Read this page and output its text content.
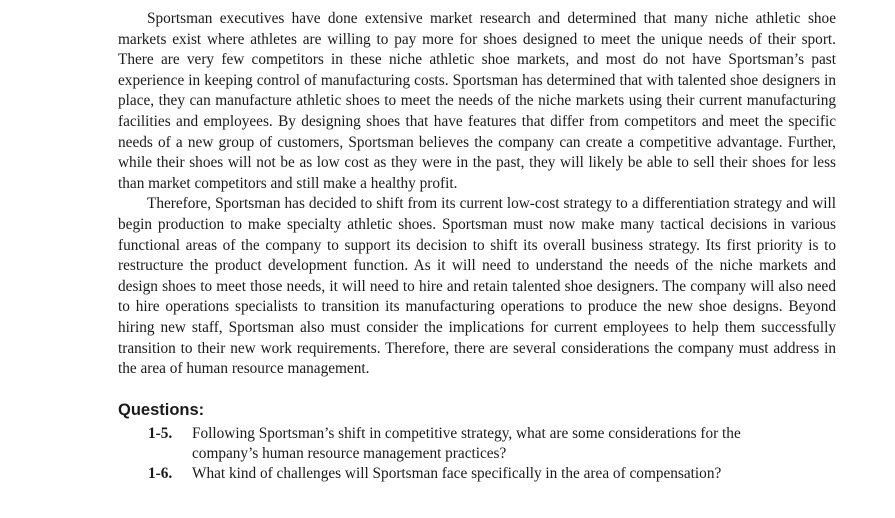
Sportsman executives have done extensive market research and determined that many niche athletic shoe markets exist where athletes are willing to pay more for shoes designed to meet the unique needs of their sport. There are very few competitors in these niche athletic shoe markets, and most do not have Sportsman’s past experience in keeping control of manufacturing costs. Sportsman has determined that with talented shoe designers in place, they can manufacture athletic shoes to meet the needs of the niche markets using their current manufacturing facilities and employees. By designing shoes that have features that differ from competitors and meet the specific needs of a new group of customers, Sportsman believes the company can create a competitive advantage. Further, while their shoes will not be as low cost as they were in the past, they will likely be able to sell their shoes for less than market competitors and still make a healthy profit.

Therefore, Sportsman has decided to shift from its current low-cost strategy to a differentiation strategy and will begin production to make specialty athletic shoes. Sportsman must now make many tactical decisions in various functional areas of the company to support its decision to shift its overall business strategy. Its first priority is to restructure the product development function. As it will need to understand the needs of the niche markets and design shoes to meet those needs, it will need to hire and retain talented shoe designers. The company will also need to hire operations specialists to transition its manufacturing operations to produce the new shoe designs. Beyond hiring new staff, Sportsman also must consider the implications for current employees to help them successfully transition to their new work requirements. Therefore, there are several considerations the company must address in the area of human resource management.

Questions:
1-5.	Following Sportsman’s shift in competitive strategy, what are some considerations for the company’s human resource management practices?
1-6.	What kind of challenges will Sportsman face specifically in the area of compensation?
